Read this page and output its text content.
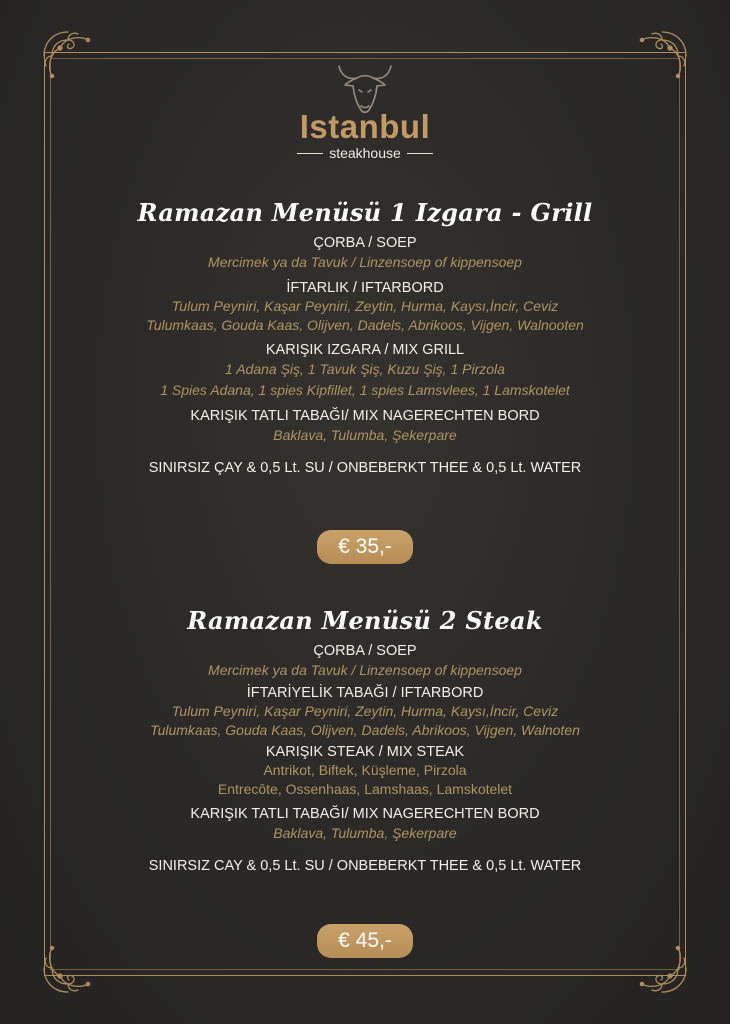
Istanbul
steakhouse
Ramazan Menüsü 1 Izgara - Grill
ÇORBA / SOEP
Mercimek ya da Tavuk / Linzensoep of kippensoep
İFTARLIK / IFTARBORD
Tulum Peyniri, Kaşar Peyniri, Zeytin, Hurma, Kaysı,İncir, Ceviz
Tulumkaas, Gouda Kaas, Olijven, Dadels, Abrikoos, Vijgen, Walnooten
KARIŞIK IZGARA / MIX GRILL
1 Adana Şiş, 1 Tavuk Şiş, Kuzu Şiş, 1 Pirzola
1 Spies Adana, 1 spies Kipfillet, 1 spies Lamsvlees, 1 Lamskotelet
KARIŞIK TATLI TABAĞI/ MIX NAGERECHTEN BORD
Baklava, Tulumba, Şekerpare
SINIRSIZ ÇAY & 0,5 Lt. SU / ONBEBERKT THEE & 0,5 Lt. WATER
€ 35,-
Ramazan Menüsü 2 Steak
ÇORBA / SOEP
Mercimek ya da Tavuk / Linzensoep of kippensoep
İFTARİYELİK TABAĞI / IFTARBORD
Tulum Peyniri, Kaşar Peyniri, Zeytin, Hurma, Kaysı,İncir, Ceviz
Tulumkaas, Gouda Kaas, Olijven, Dadels, Abrikoos, Vijgen, Walnoten
KARIŞIK STEAK / MIX STEAK
Antrikot, Biftek, Küşleme, Pirzola
Entrecôte, Ossenhaas, Lamshaas, Lamskotelet
KARIŞIK TATLI TABAĞI/ MIX NAGERECHTEN BORD
Baklava, Tulumba, Şekerpare
SINIRSIZ CAY & 0,5 Lt. SU / ONBEBERKT THEE & 0,5 Lt. WATER
€ 45,-
